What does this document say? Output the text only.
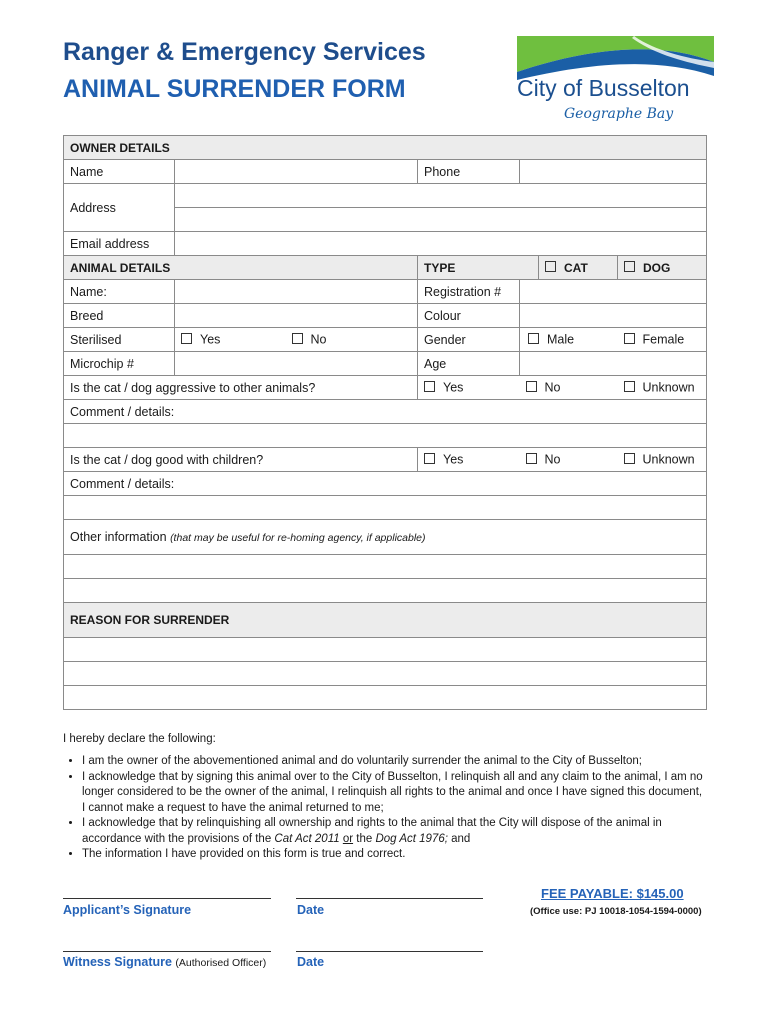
Ranger & Emergency Services
ANIMAL SURRENDER FORM	City of Busselton
Geographe Bay
OWNER DETAILS						
Name			Phone			
Address						

Email address						
ANIMAL DETAILS			TYPE		CAT	DOG
Name:			Registration #			
Breed			Colour			
Sterilised	Yes	No	Gender	Male		Female
Microchip #			Age			
Is the cat / dog aggressive to other animals?			Yes	No		Unknown
Comment / details:						

Is the cat / dog good with children?			Yes	No		Unknown
Comment / details:						

Other information (that may be useful for re-homing agency, if applicable)						

REASON FOR SURRENDER						

I hereby declare the following:
• I am the owner of the abovementioned animal and do voluntarily surrender the animal to the City of Busselton;
• I acknowledge that by signing this animal over to the City of Busselton, I relinquish all and any claim to the animal, I am no longer considered to be the owner of the animal, I relinquish all rights to the animal and once I have signed this document, I cannot make a request to have the animal returned to me;
• I acknowledge that by relinquishing all ownership and rights to the animal that the City will dispose of the animal in accordance with the provisions of the Cat Act 2011 or the Dog Act 1976; and
• The information I have provided on this form is true and correct.
Applicant’s Signature	Date
FEE PAYABLE: $145.00
(Office use: PJ 10018-1054-1594-0000)
Witness Signature (Authorised Officer) Date
